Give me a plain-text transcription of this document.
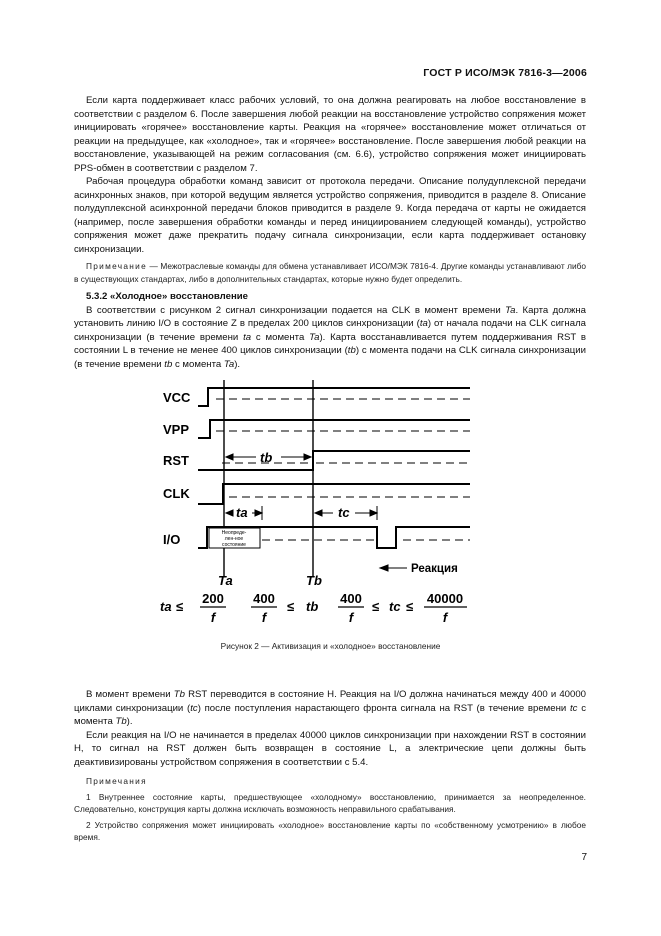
ГОСТ Р ИСО/МЭК 7816-3—2006

Если карта поддерживает класс рабочих условий, то она должна реагировать на любое восстановление в соответствии с разделом 6. После завершения любой реакции на восстановление устройство сопряжения может инициировать «горячее» восстановление карты. Реакция на «горячее» восстановление может отличаться от реакции на предыдущее, как «холодное», так и «горячее» восстановление. После завершения любой реакции на восстановление, указывающей на режим согласования (см. 6.6), устройство сопряжения может инициировать PPS-обмен в соответствии с разделом 7.

Рабочая процедура обработки команд зависит от протокола передачи. Описание полудуплексной передачи асинхронных знаков, при которой ведущим является устройство сопряжения, приводится в разделе 8. Описание полудуплексной асинхронной передачи блоков приводится в разделе 9. Когда передача от карты не ожидается (например, после завершения обработки команды и перед инициированием следующей команды), устройство сопряжения может даже прекратить подачу сигнала синхронизации, если карта поддерживает остановку синхронизации.

Примечание — Межотраслевые команды для обмена устанавливает ИСО/МЭК 7816-4. Другие команды устанавливают либо в существующих стандартах, либо в дополнительных стандартах, которые нужно будет определить.

5.3.2 «Холодное» восстановление

В соответствии с рисунком 2 сигнал синхронизации подается на CLK в момент времени Ta. Карта должна установить линию I/O в состояние Z в пределах 200 циклов синхронизации (ta) от начала подачи на CLK сигнала синхронизации (в течение времени ta с момента Ta). Карта восстанавливается путем поддерживания RST в состоянии L в течение не менее 400 циклов синхронизации (tb) с момента подачи на CLK сигнала синхронизации (в течение времени tb с момента Ta).

VCC
VPP
RST
CLK
I/O
tb
ta	tc
Неопреде-
лен-ное
состояние
Ta	Tb
Реакция
ta ≤
200
f
400
f
≤ tb
400
f
≤ tc ≤
40000
f
Рисунок 2 — Активизация и «холодное» восстановление

В момент времени Tb RST переводится в состояние H. Реакция на I/O должна начинаться между 400 и 40000 циклами синхронизации (tc) после поступления нарастающего фронта сигнала на RST (в течение времени tc с момента Tb).

Если реакция на I/O не начинается в пределах 40000 циклов синхронизации при нахождении RST в состоянии H, то сигнал на RST должен быть возвращен в состояние L, а электрические цепи должны быть деактивизированы устройством сопряжения в соответствии с 5.4.

Примечания

1 Внутреннее состояние карты, предшествующее «холодному» восстановлению, принимается за неопределенное. Следовательно, конструкция карты должна исключать возможность неправильного срабатывания.

2 Устройство сопряжения может инициировать «холодное» восстановление карты по «собственному усмотрению» в любое время.

7
